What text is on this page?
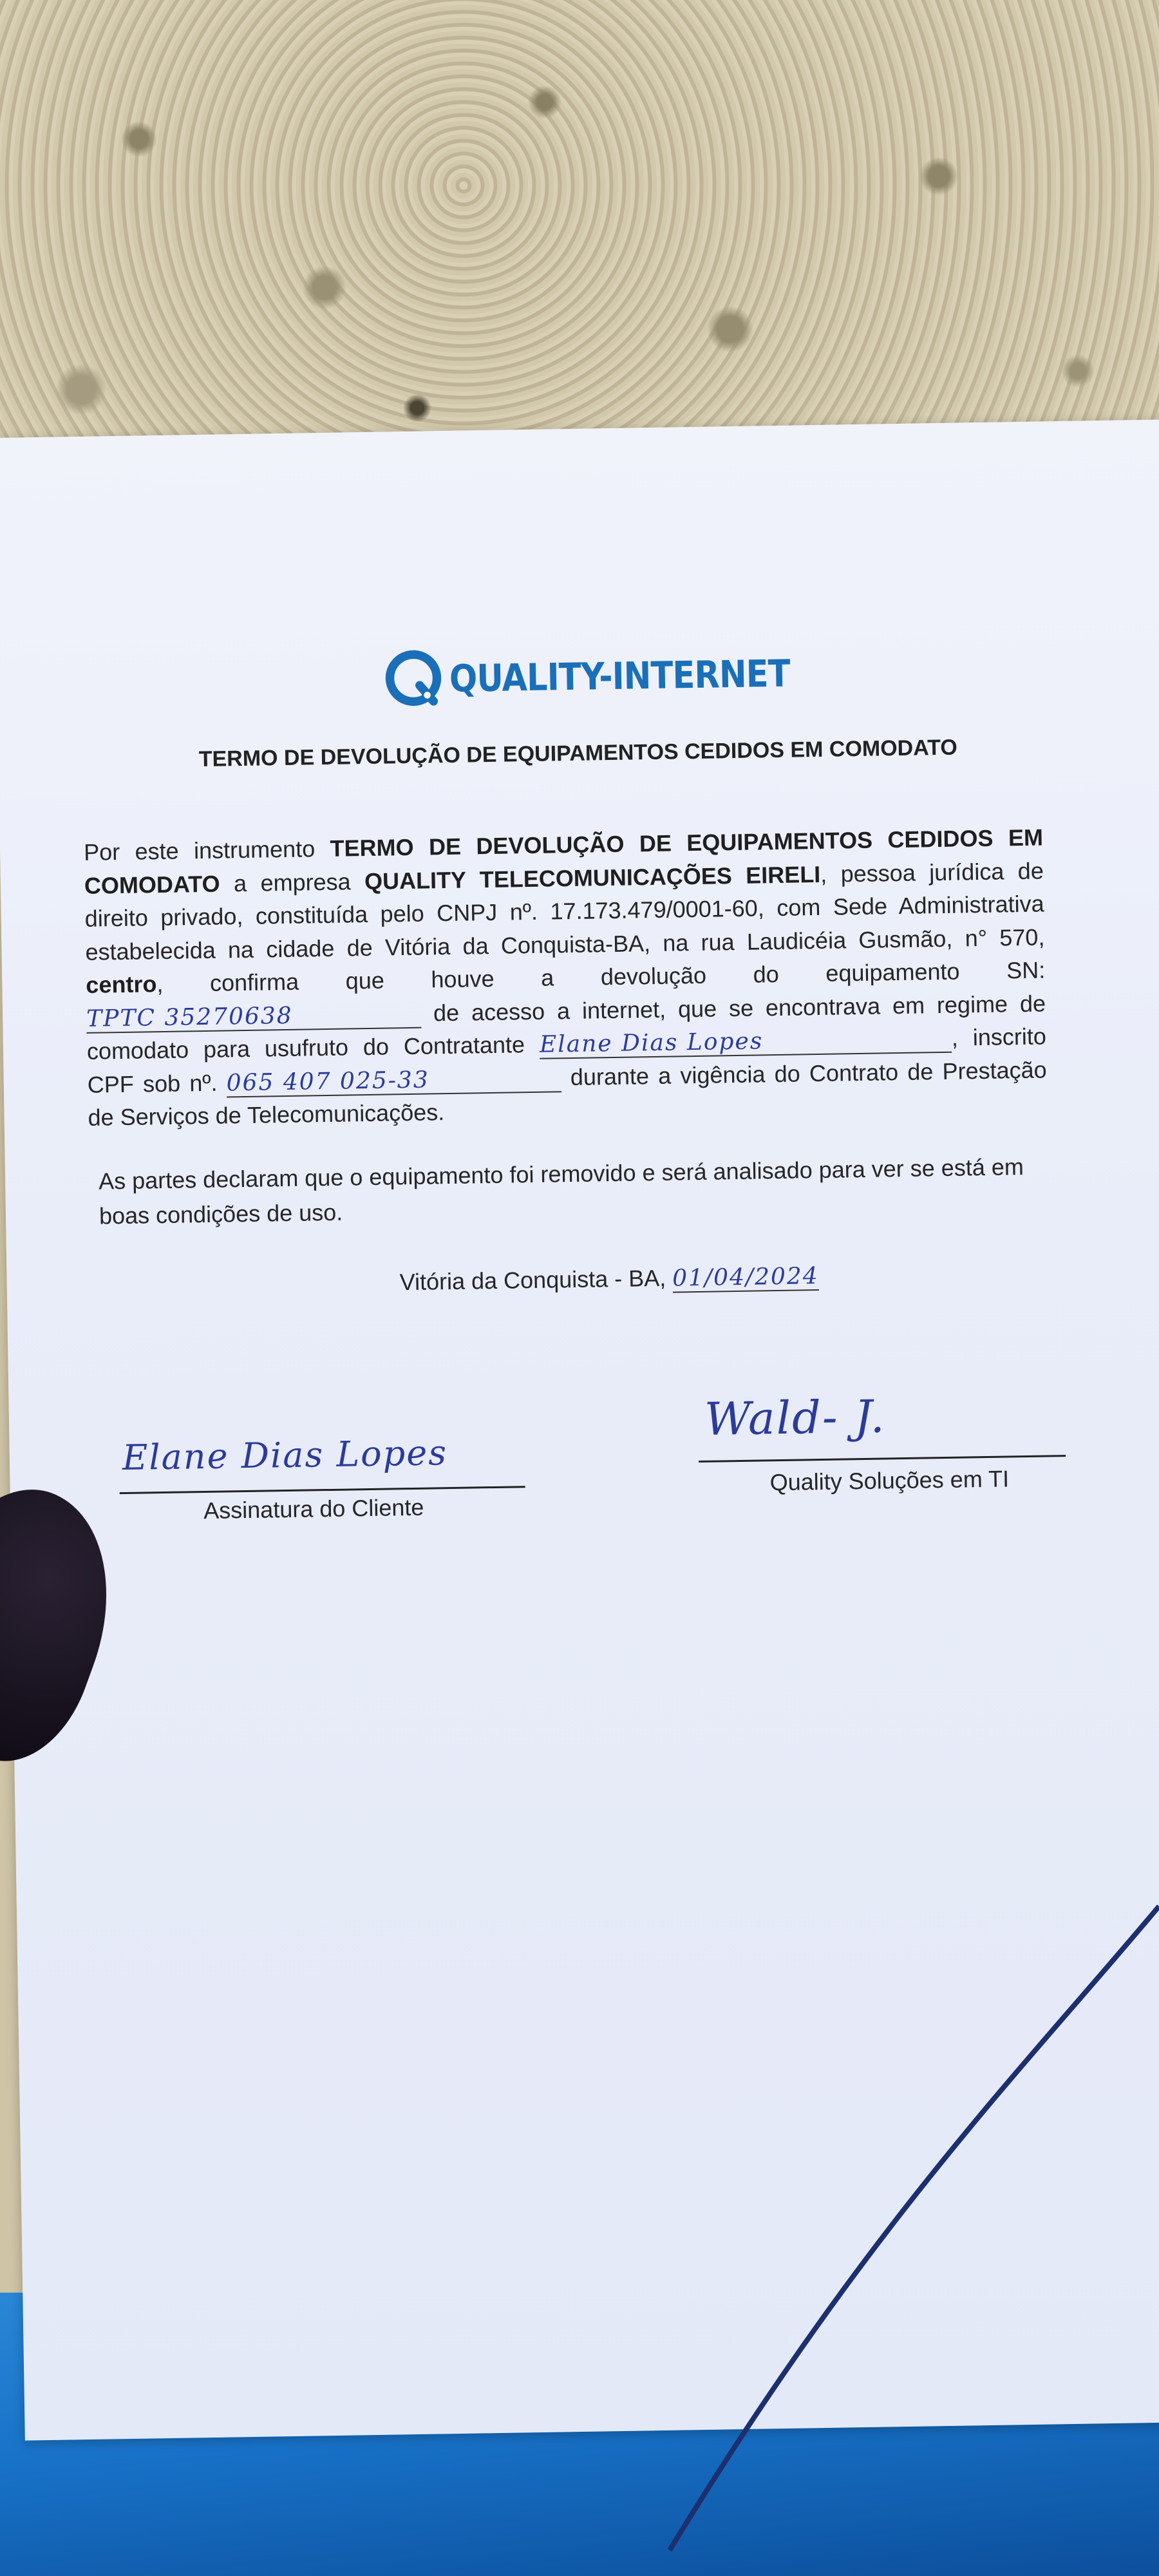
QUALITY-INTERNET
TERMO DE DEVOLUÇÃO DE EQUIPAMENTOS CEDIDOS EM COMODATO
Por este instrumento TERMO DE DEVOLUÇÃO DE EQUIPAMENTOS CEDIDOS EM COMODATO a empresa QUALITY TELECOMUNICAÇÕES EIRELI, pessoa jurídica de direito privado, constituída pelo CNPJ nº. 17.173.479/0001-60, com Sede Administrativa estabelecida na cidade de Vitória da Conquista-BA, na rua Laudicéia Gusmão, n° 570, centro, confirma que houve a devolução do equipamento SN: TPTC 35270638	de acesso a internet, que se encontrava em regime de comodato para usufruto do Contratante Elane Dias Lopes	, inscrito CPF sob nº. 065 407 025-33	durante a vigência do Contrato de Prestação de Serviços de Telecomunicações.
As partes declaram que o equipamento foi removido e será analisado para ver se está em boas condições de uso.
Vitória da Conquista - BA, 01/04/2024
Elane Dias Lopes
Assinatura do Cliente
Wald- J.
Quality Soluções em TI
